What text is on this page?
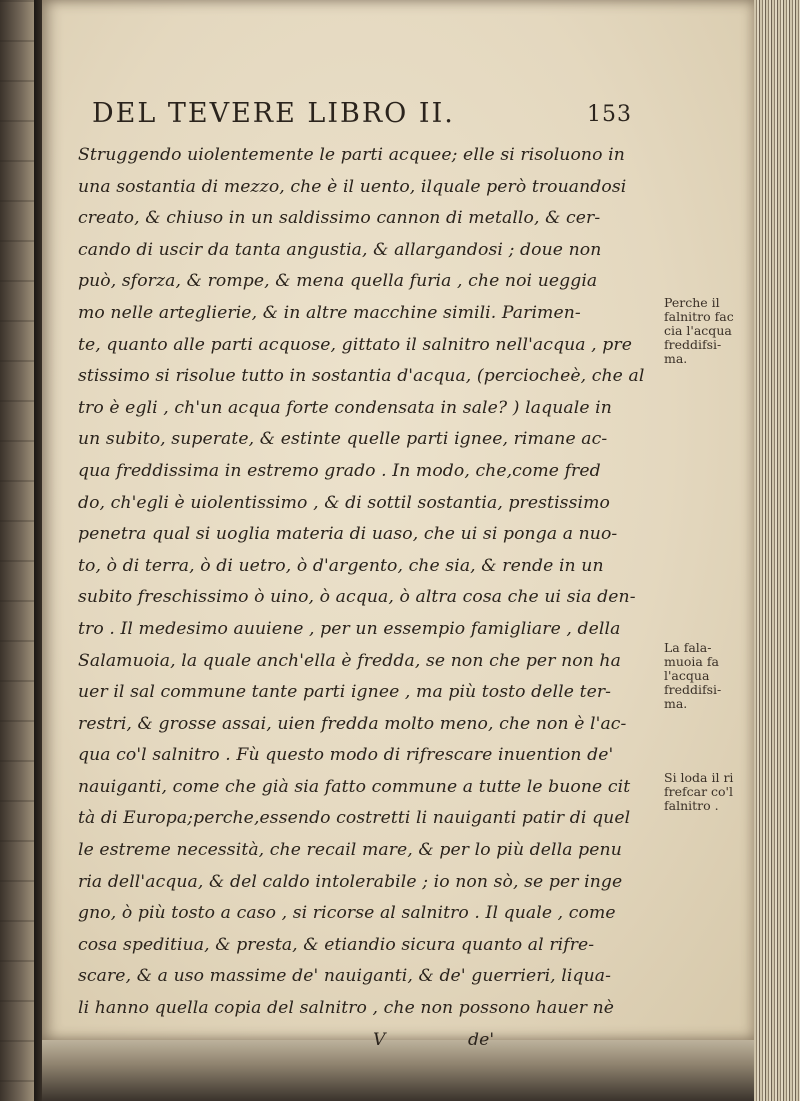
DEL TEVERE LIBRO II.	153
Struggendo uiolentemente le parti acquee; elle si risoluono in
una sostantia di mezzo, che è il uento, ilquale però trouandosi
creato, & chiuso in un saldissimo cannon di metallo, & cer-
cando di uscir da tanta angustia, & allargandosi ; doue non
può, sforza, & rompe, & mena quella furia , che noi ueggia
mo nelle arteglierie, & in altre macchine simili. Parimen-
te, quanto alle parti acquose, gittato il salnitro nell'acqua , pre
stissimo si risolue tutto in sostantia d'acqua, (perciocheè, che al
tro è egli , ch'un acqua forte condensata in sale? ) laquale in
un subito, superate, & estinte quelle parti ignee, rimane ac-
qua freddissima in estremo grado . In modo, che,come fred
do, ch'egli è uiolentissimo , & di sottil sostantia, prestissimo
penetra qual si uoglia materia di uaso, che ui si ponga a nuo-
to, ò di terra, ò di uetro, ò d'argento, che sia, & rende in un
subito freschissimo ò uino, ò acqua, ò altra cosa che ui sia den-
tro . Il medesimo auuiene , per un essempio famigliare , della
Salamuoia, la quale anch'ella è fredda, se non che per non ha
uer il sal commune tante parti ignee , ma più tosto delle ter-
restri, & grosse assai, uien fredda molto meno, che non è l'ac-
qua co'l salnitro . Fù questo modo di rifrescare inuention de'
nauiganti, come che già sia fatto commune a tutte le buone cit
tà di Europa;perche,essendo costretti li nauiganti patir di quel
le estreme necessità, che recail mare, & per lo più della penu
ria dell'acqua, & del caldo intolerabile ; io non sò, se per inge
gno, ò più tosto a caso , si ricorse al salnitro . Il quale , come
cosa speditiua, & presta, & etiandio sicura quanto al rifre-
scare, & a uso massime de' nauiganti, & de' guerrieri, liqua-
li hanno quella copia del salnitro , che non possono hauer nè
V	de'
Perche il
falnitro fac
cia l'acqua
freddifsi-
ma.
La fala-
muoia fa
l'acqua
freddifsi-
ma.
Si loda il ri
frefcar co'l
falnitro .
